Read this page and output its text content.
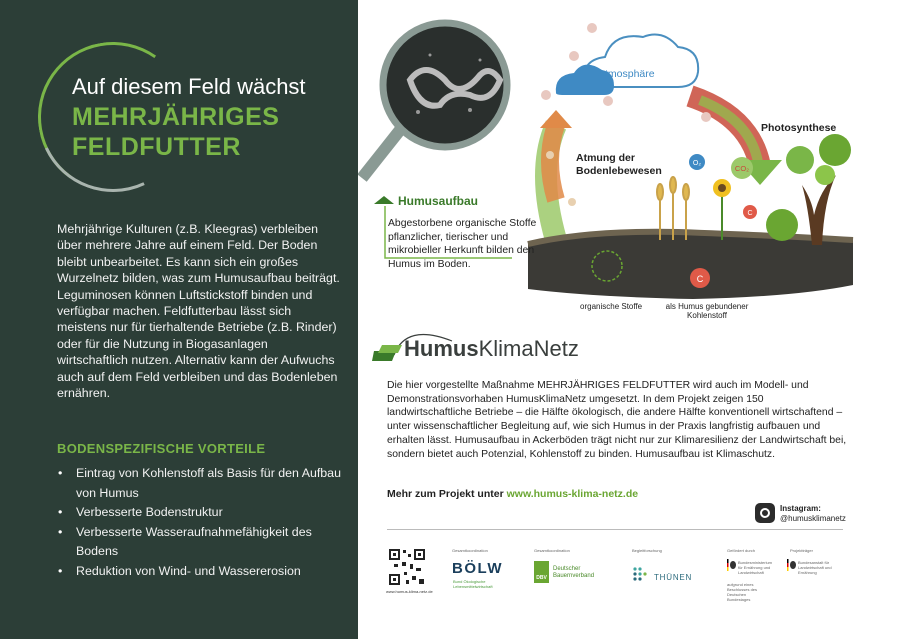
Auf diesem Feld wächst
MEHRJÄHRIGES
FELDFUTTER

Mehrjährige Kulturen (z.B. Kleegras) verbleiben über mehrere Jahre auf einem Feld. Der Boden bleibt unbearbeitet. Es kann sich ein großes Wurzelnetz bilden, was zum Humusaufbau beiträgt. Leguminosen können Luftstickstoff binden und verfügbar machen. Feldfutterbau lässt sich meistens nur für tierhaltende Betriebe (z.B. Rinder) oder für die Nutzung in Biogasanlagen wirtschaftlich nutzen. Alternativ kann der Aufwuchs auch auf dem Feld verbleiben und das Bodenleben ernähren.

BODENSPEZIFISCHE VORTEILE
• Eintrag von Kohlenstoff als Basis für den Aufbau von Humus
• Verbesserte Bodenstruktur
• Verbesserte Wasseraufnahmefähigkeit des Bodens
• Reduktion von Wind- und Wassererosion
Atmosphäre
Photosynthese
Atmung der
Bodenlebewesen
C
O₂
CO₂
C
Humusaufbau

Abgestorbene organische Stoffe pflanzlicher, tierischer und mikrobieller Herkunft bilden den Humus im Boden.

organische Stoffe	als Humus gebundener
Kohlenstoff
HumusKlimaNetz

Die hier vorgestellte Maßnahme MEHRJÄHRIGES FELDFUTTER wird auch im Modell- und Demonstrationsvorhaben HumusKlimaNetz umgesetzt. In dem Projekt zeigen 150 landwirtschaftliche Betriebe – die Hälfte ökologisch, die andere Hälfte konventionell wirtschaftend – unter wissenschaftlicher Begleitung auf, wie sich Humus in der Praxis langfristig aufbauen und erhalten lässt. Humusaufbau in Ackerböden trägt nicht nur zur Klimaresilienz der Landwirtschaft bei, sondern bietet auch Potenzial, Kohlenstoff zu binden. Humusaufbau ist Klimaschutz.

Mehr zum Projekt unter www.humus-klima-netz.de
Instagram:
@humusklimanetz
www.humus-klima-netz.de
Gesamtkoordination
BÖLW
Bund Ökologische Lebensmittelwirtschaft
Gesamtkoordination
DBV
Deutscher
Bauernverband
Begleitforschung
THÜNEN
Gefördert durch
Bundesministerium für Ernährung und Landwirtschaft
aufgrund eines Beschlusses des Deutschen Bundestages
Projektträger
Bundesanstalt für Landwirtschaft und Ernährung
